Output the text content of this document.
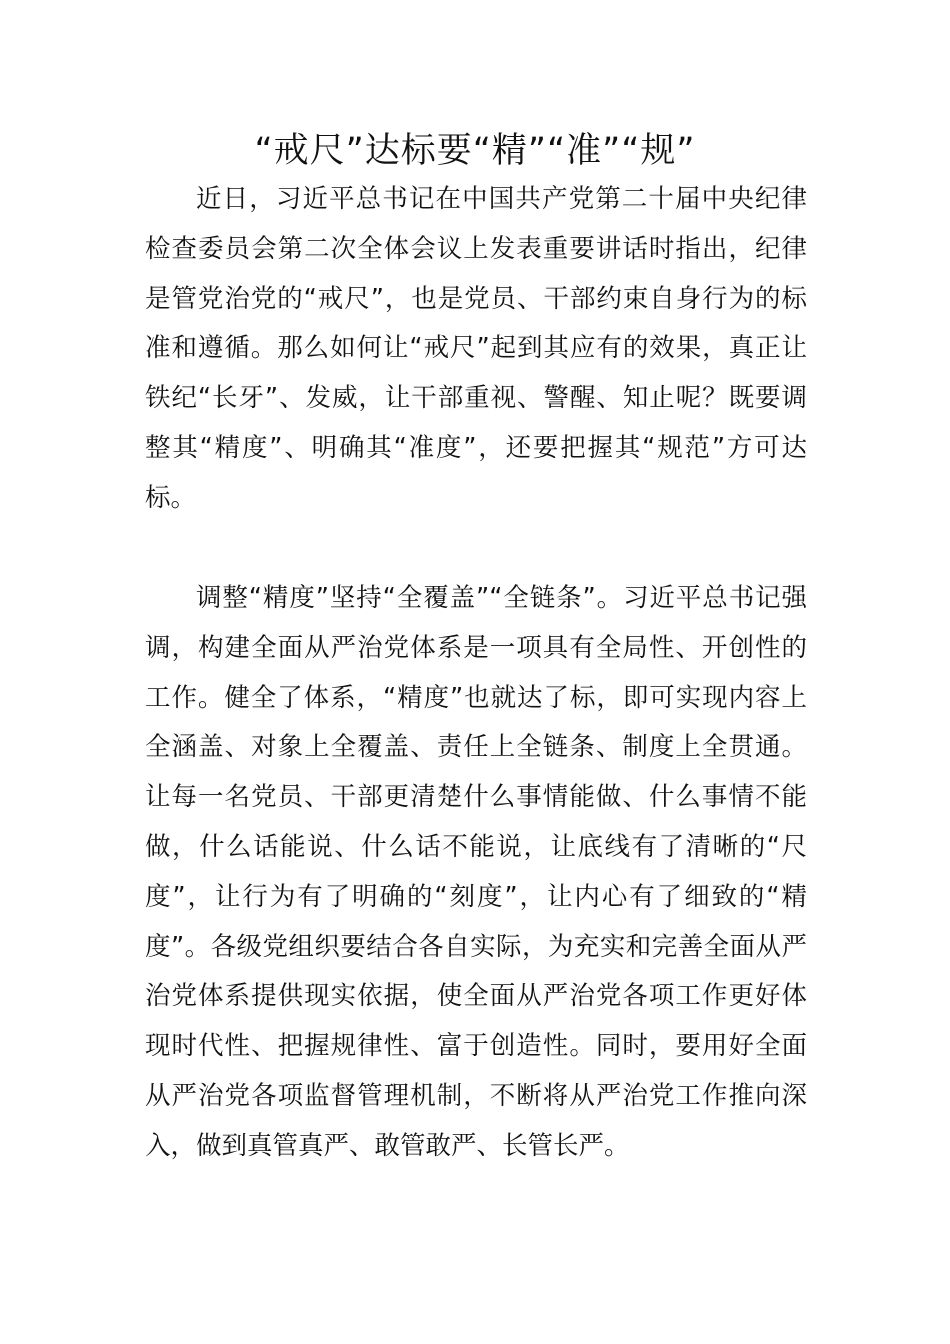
“戒尺”达标要“精”“准”“规”

近日，习近平总书记在中国共产党第二十届中央纪律检查委员会第二次全体会议上发表重要讲话时指出，纪律是管党治党的“戒尺”，也是党员、干部约束自身行为的标准和遵循。那么如何让“戒尺”起到其应有的效果，真正让铁纪“长牙”、发威，让干部重视、警醒、知止呢？既要调整其“精度”、明确其“准度”，还要把握其“规范”方可达标。

调整“精度”坚持“全覆盖”“全链条”。习近平总书记强调，构建全面从严治党体系是一项具有全局性、开创性的工作。健全了体系，“精度”也就达了标，即可实现内容上全涵盖、对象上全覆盖、责任上全链条、制度上全贯通。让每一名党员、干部更清楚什么事情能做、什么事情不能做，什么话能说、什么话不能说，让底线有了清晰的“尺度”，让行为有了明确的“刻度”，让内心有了细致的“精度”。各级党组织要结合各自实际，为充实和完善全面从严治党体系提供现实依据，使全面从严治党各项工作更好体现时代性、把握规律性、富于创造性。同时，要用好全面从严治党各项监督管理机制，不断将从严治党工作推向深入，做到真管真严、敢管敢严、长管长严。
